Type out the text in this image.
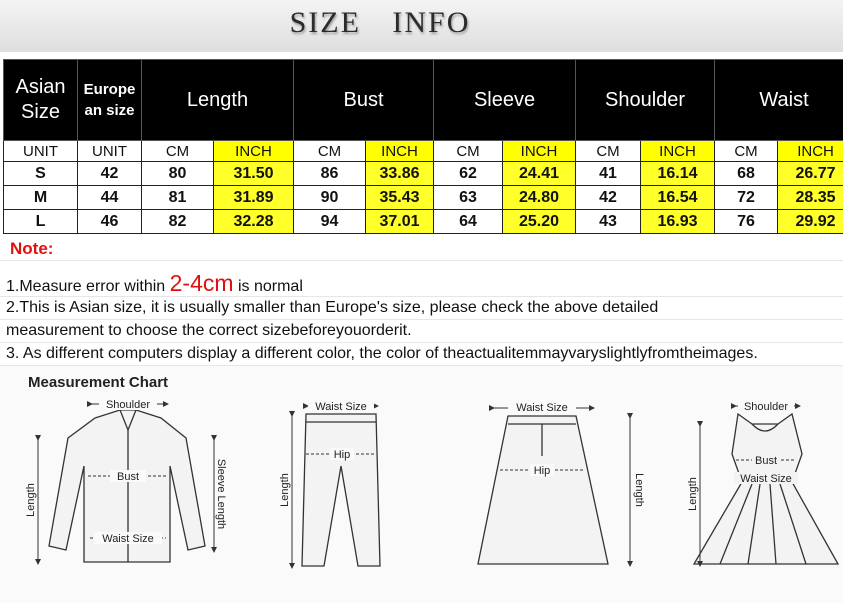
SIZE INFO
Asian
Size	Europe
an size	Length		Bust		Sleeve		Shoulder		Waist	
UNIT	UNIT	CM	INCH	CM	INCH	CM	INCH	CM	INCH	CM	INCH
S	42	80	31.50	86	33.86	62	24.41	41	16.14	68	26.77
M	44	81	31.89	90	35.43	63	24.80	42	16.54	72	28.35
L	46	82	32.28	94	37.01	64	25.20	43	16.93	76	29.92
Note:
1.Measure error within 2-4cm is normal
2.This is Asian size, it is usually smaller than Europe's size, please check the above detailed
measurement to choose the correct sizebeforeyouorderit.
3. As different computers display a different color, the color of theactualitemmayvaryslightlyfromtheimages.
Measurement Chart
Shoulder
Bust
Waist Size
Length	Sleeve Length
Waist Size
Hip
Length
Waist Size
Hip
Length
Shoulder
Bust
Waist Size
Length
